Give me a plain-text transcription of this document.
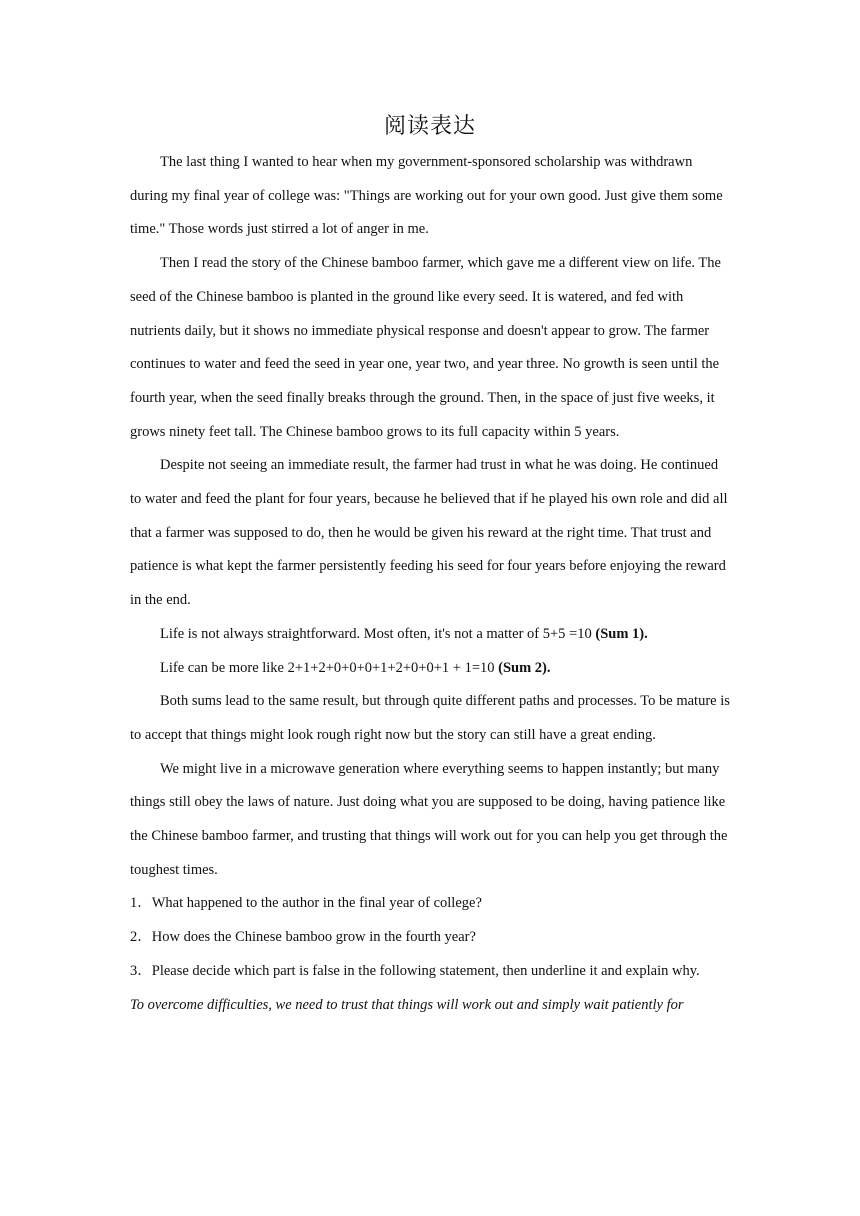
阅读表达

The last thing I wanted to hear when my government-sponsored scholarship was withdrawn during my final year of college was: "Things are working out for your own good. Just give them some time." Those words just stirred a lot of anger in me.

Then I read the story of the Chinese bamboo farmer, which gave me a different view on life. The seed of the Chinese bamboo is planted in the ground like every seed. It is watered, and fed with nutrients daily, but it shows no immediate physical response and doesn't appear to grow. The farmer continues to water and feed the seed in year one, year two, and year three. No growth is seen until the fourth year, when the seed finally breaks through the ground. Then, in the space of just five weeks, it grows ninety feet tall. The Chinese bamboo grows to its full capacity within 5 years.

Despite not seeing an immediate result, the farmer had trust in what he was doing. He continued to water and feed the plant for four years, because he believed that if he played his own role and did all that a farmer was supposed to do, then he would be given his reward at the right time. That trust and patience is what kept the farmer persistently feeding his seed for four years before enjoying the reward in the end.

Life is not always straightforward. Most often, it's not a matter of 5+5 =10 (Sum 1).

Life can be more like 2+1+2+0+0+0+1+2+0+0+1 + 1=10 (Sum 2).

Both sums lead to the same result, but through quite different paths and processes. To be mature is to accept that things might look rough right now but the story can still have a great ending.

We might live in a microwave generation where everything seems to happen instantly; but many things still obey the laws of nature. Just doing what you are supposed to be doing, having patience like the Chinese bamboo farmer, and trusting that things will work out for you can help you get through the toughest times.

1．What happened to the author in the final year of college?

2．How does the Chinese bamboo grow in the fourth year?

3．Please decide which part is false in the following statement, then underline it and explain why.

To overcome difficulties, we need to trust that things will work out and simply wait patiently for
